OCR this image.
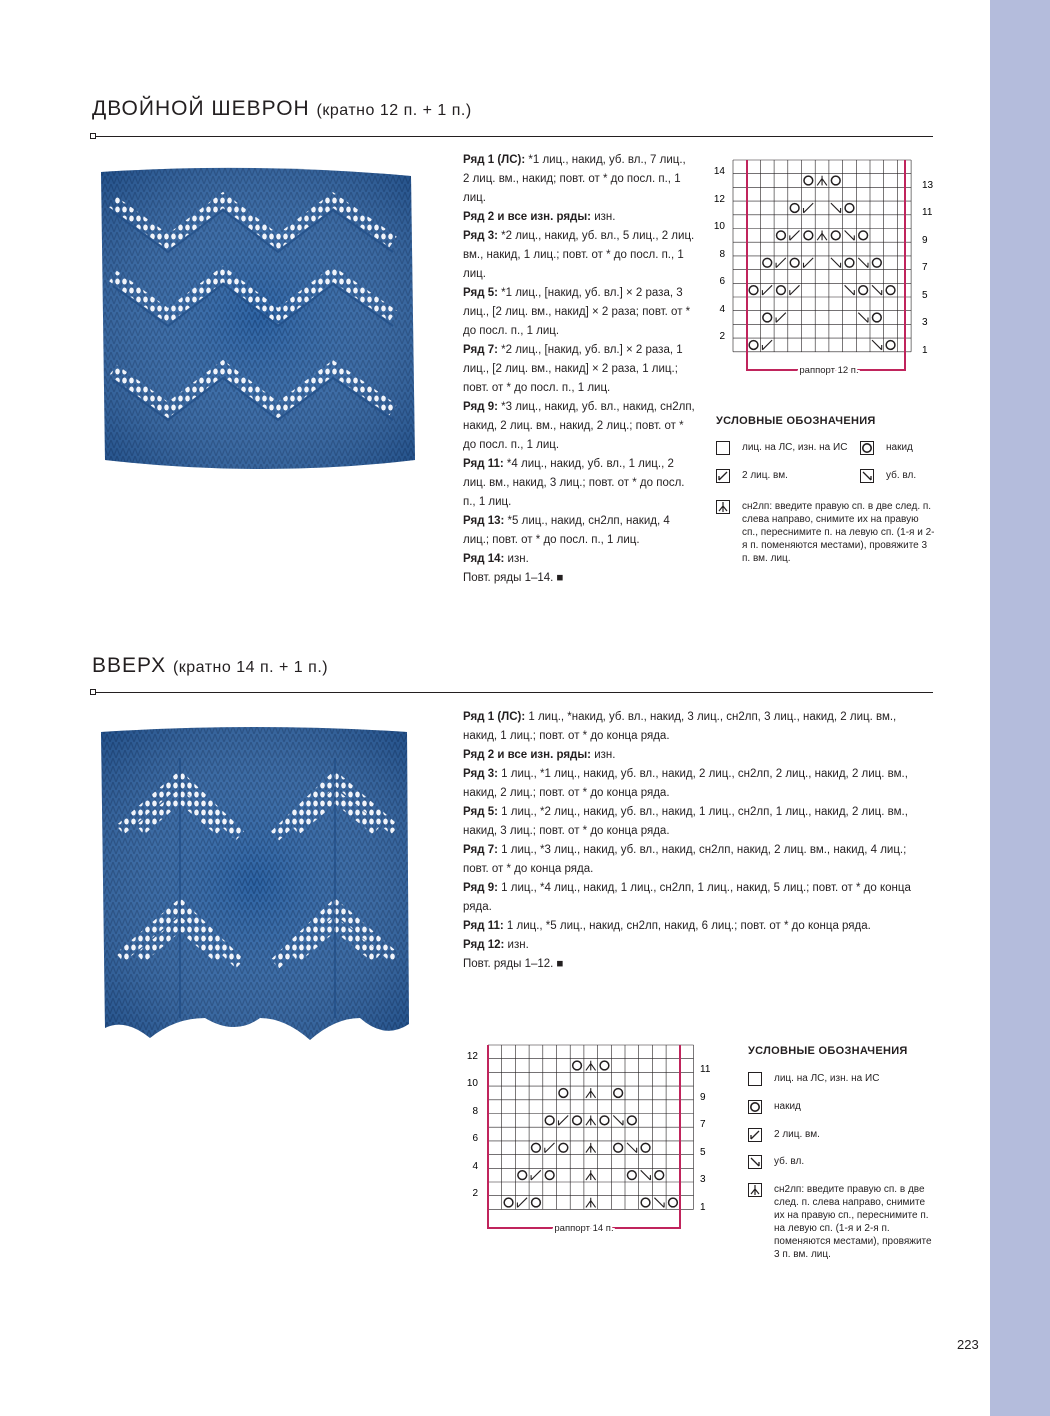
ДВОЙНОЙ ШЕВРОН (кратно 12 п. + 1 п.)

Ряд 1 (ЛС): *1 лиц., накид, уб. вл., 7 лиц., 2 лиц. вм., накид; повт. от * до посл. п., 1 лиц.

Ряд 2 и все изн. ряды: изн.

Ряд 3: *2 лиц., накид, уб. вл., 5 лиц., 2 лиц. вм., накид, 1 лиц.; повт. от * до посл. п., 1 лиц.

Ряд 5: *1 лиц., [накид, уб. вл.] × 2 раза, 3 лиц., [2 лиц. вм., накид] × 2 раза; повт. от * до посл. п., 1 лиц.

Ряд 7: *2 лиц., [накид, уб. вл.] × 2 раза, 1 лиц., [2 лиц. вм., накид] × 2 раза, 1 лиц.; повт. от * до посл. п., 1 лиц.

Ряд 9: *3 лиц., накид, уб. вл., накид, сн2лп, накид, 2 лиц. вм., накид, 2 лиц.; повт. от * до посл. п., 1 лиц.

Ряд 11: *4 лиц., накид, уб. вл., 1 лиц., 2 лиц. вм., накид, 3 лиц.; повт. от * до посл. п., 1 лиц.

Ряд 13: *5 лиц., накид, сн2лп, накид, 4 лиц.; повт. от * до посл. п., 1 лиц.

Ряд 14: изн.

Повт. ряды 1–14. ■

14
12
10
8
6
4
2
13
11
9
7
5
3
1
раппорт 12 п.
УСЛОВНЫЕ ОБОЗНАЧЕНИЯ
лиц. на ЛС, изн. на ИС	накид
2 лиц. вм.	уб. вл.
сн2лп: введите правую сп. в две след. п. слева направо, снимите их на правую сп., переснимите п. на левую сп. (1-я и 2-я п. поменяются местами), провяжите 3 п. вм. лиц.
ВВЕРХ (кратно 14 п. + 1 п.)

Ряд 1 (ЛС): 1 лиц., *накид, уб. вл., накид, 3 лиц., сн2лп, 3 лиц., накид, 2 лиц. вм., накид, 1 лиц.; повт. от * до конца ряда.

Ряд 2 и все изн. ряды: изн.

Ряд 3: 1 лиц., *1 лиц., накид, уб. вл., накид, 2 лиц., сн2лп, 2 лиц., накид, 2 лиц. вм., накид, 2 лиц.; повт. от * до конца ряда.

Ряд 5: 1 лиц., *2 лиц., накид, уб. вл., накид, 1 лиц., сн2лп, 1 лиц., накид, 2 лиц. вм., накид, 3 лиц.; повт. от * до конца ряда.

Ряд 7: 1 лиц., *3 лиц., накид, уб. вл., накид, сн2лп, накид, 2 лиц. вм., накид, 4 лиц.; повт. от * до конца ряда.

Ряд 9: 1 лиц., *4 лиц., накид, 1 лиц., сн2лп, 1 лиц., накид, 5 лиц.; повт. от * до конца ряда.

Ряд 11: 1 лиц., *5 лиц., накид, сн2лп, накид, 6 лиц.; повт. от * до конца ряда.

Ряд 12: изн.

Повт. ряды 1–12. ■

12
10
8
6
4
2
11
9
7
5
3
1
раппорт 14 п.
УСЛОВНЫЕ ОБОЗНАЧЕНИЯ
лиц. на ЛС, изн. на ИС
накид
2 лиц. вм.
уб. вл.
сн2лп: введите правую сп. в две след. п. слева направо, снимите их на правую сп., переснимите п. на левую сп. (1-я и 2-я п. поменяются местами), провяжите 3 п. вм. лиц.
223
